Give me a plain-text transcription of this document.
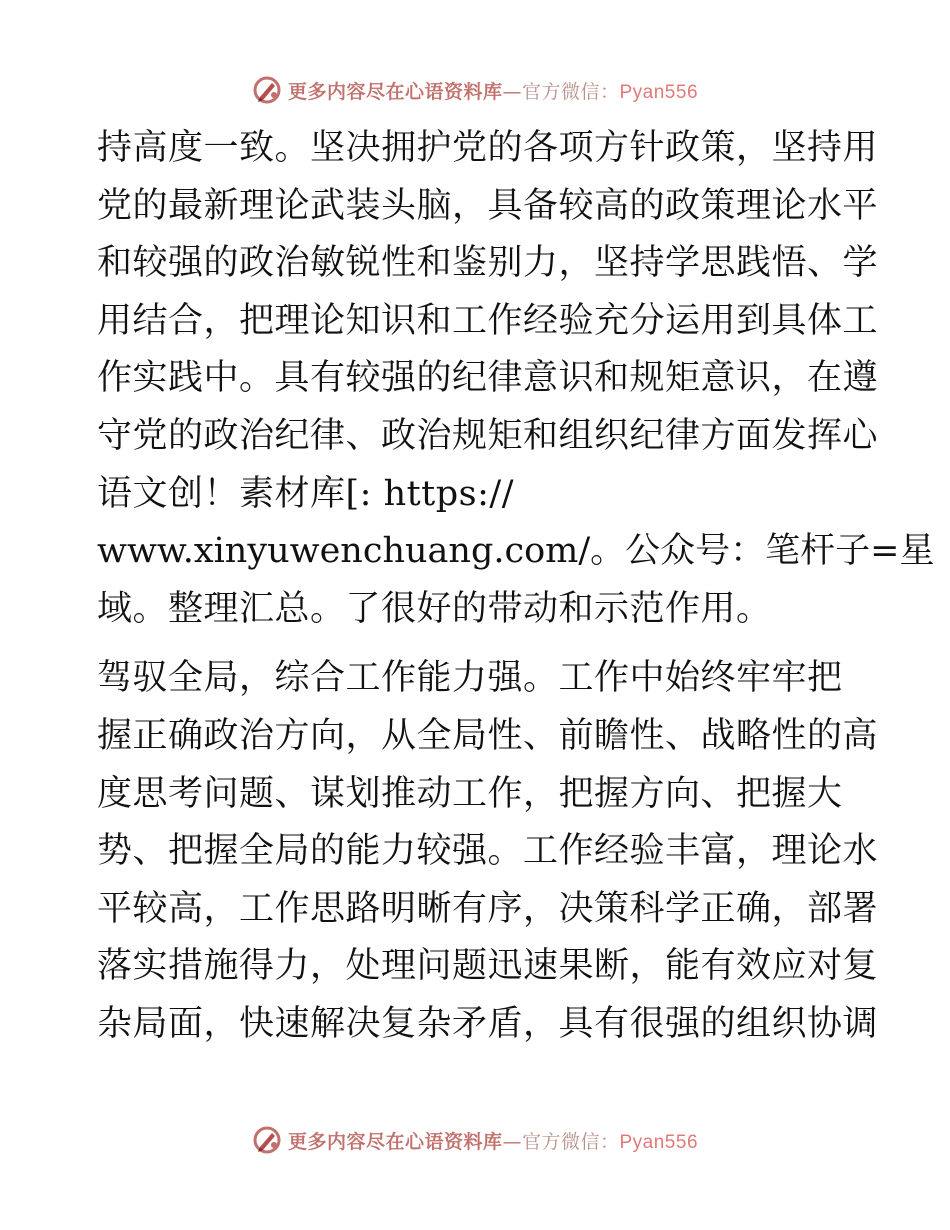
更多内容尽在心语资料库—官方微信：Pyan556
持高度一致。坚决拥护党的各项方针政策，坚持用
党的最新理论武装头脑，具备较高的政策理论水平
和较强的政治敏锐性和鉴别力，坚持学思践悟、学
用结合，把理论知识和工作经验充分运用到具体工
作实践中。具有较强的纪律意识和规矩意识，在遵
守党的政治纪律、政治规矩和组织纪律方面发挥心
语文创！素材库[: https://
www.xinyuwenchuang.com/。公众号：笔杆子=星
域。整理汇总。了很好的带动和示范作用。
驾驭全局，综合工作能力强。工作中始终牢牢把
握正确政治方向，从全局性、前瞻性、战略性的高
度思考问题、谋划推动工作，把握方向、把握大
势、把握全局的能力较强。工作经验丰富，理论水
平较高，工作思路明晰有序，决策科学正确，部署
落实措施得力，处理问题迅速果断，能有效应对复
杂局面，快速解决复杂矛盾，具有很强的组织协调
更多内容尽在心语资料库—官方微信：Pyan556
